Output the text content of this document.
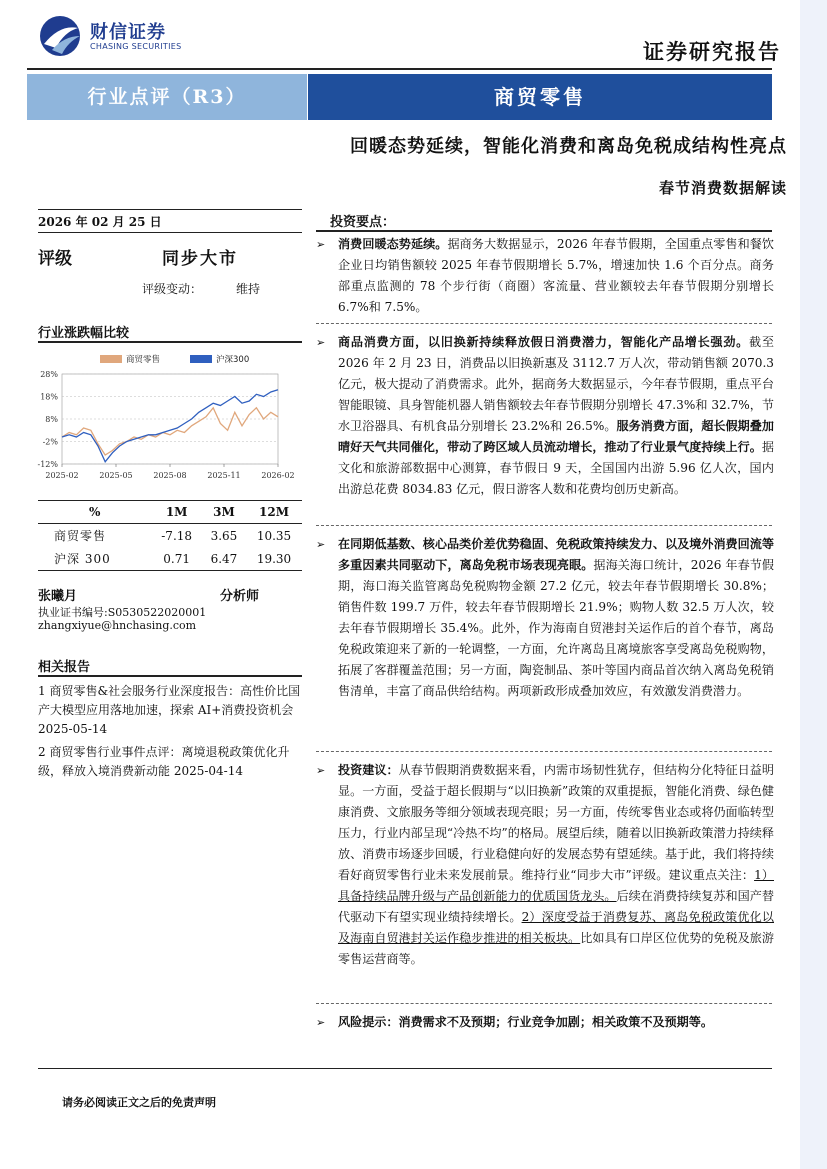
财信证券
CHASING SECURITIES	证券研究报告
行业点评（R3）	商贸零售
回暖态势延续，智能化消费和离岛免税成结构性亮点
春节消费数据解读
2026 年 02 月 25 日
评级	同步大市
评级变动：	维持
行业涨跌幅比较
28%
18%
8%
-2%
-12%
2025-02	2025-05	2025-08	2025-11	2026-02
商贸零售	沪深300
%	1M	3M	12M
商贸零售	-7.18	3.65	10.35
沪深 300	0.71	6.47	19.30
张曦月	分析师
执业证书编号:S0530522020001
zhangxiyue@hnchasing.com
相关报告
1 商贸零售&社会服务行业深度报告：高性价比国产大模型应用落地加速，探索 AI+消费投资机会 2025-05-14
2 商贸零售行业事件点评：离境退税政策优化升级，释放入境消费新动能 2025-04-14
投资要点：
➢	消费回暖态势延续。据商务大数据显示，2026 年春节假期，全国重点零售和餐饮企业日均销售额较 2025 年春节假期增长 5.7%，增速加快 1.6 个百分点。商务部重点监测的 78 个步行街（商圈）客流量、营业额较去年春节假期分别增长 6.7%和 7.5%。
➢	商品消费方面，以旧换新持续释放假日消费潜力，智能化产品增长强劲。截至 2026 年 2 月 23 日，消费品以旧换新惠及 3112.7 万人次，带动销售额 2070.3 亿元，极大提动了消费需求。此外，据商务大数据显示，今年春节假期，重点平台智能眼镜、具身智能机器人销售额较去年春节假期分别增长 47.3%和 32.7%，节水卫浴器具、有机食品分别增长 23.2%和 26.5%。服务消费方面，超长假期叠加晴好天气共同催化，带动了跨区域人员流动增长，推动了行业景气度持续上行。据文化和旅游部数据中心测算，春节假日 9 天，全国国内出游 5.96 亿人次，国内出游总花费 8034.83 亿元，假日游客人数和花费均创历史新高。
➢	在同期低基数、核心品类价差优势稳固、免税政策持续发力、以及境外消费回流等多重因素共同驱动下，离岛免税市场表现亮眼。据海关海口统计，2026 年春节假期，海口海关监管离岛免税购物金额 27.2 亿元，较去年春节假期增长 30.8%；销售件数 199.7 万件，较去年春节假期增长 21.9%；购物人数 32.5 万人次，较去年春节假期增长 35.4%。此外，作为海南自贸港封关运作后的首个春节，离岛免税政策迎来了新的一轮调整，一方面，允许离岛且离境旅客享受离岛免税购物，拓展了客群覆盖范围；另一方面，陶瓷制品、茶叶等国内商品首次纳入离岛免税销售清单，丰富了商品供给结构。两项新政形成叠加效应，有效激发消费潜力。
➢	投资建议：从春节假期消费数据来看，内需市场韧性犹存，但结构分化特征日益明显。一方面，受益于超长假期与“以旧换新”政策的双重提振，智能化消费、绿色健康消费、文旅服务等细分领域表现亮眼；另一方面，传统零售业态或将仍面临转型压力，行业内部呈现“冷热不均”的格局。展望后续，随着以旧换新政策潜力持续释放、消费市场逐步回暖，行业稳健向好的发展态势有望延续。基于此，我们将持续看好商贸零售行业未来发展前景。维持行业“同步大市”评级。建议重点关注：1）具备持续品牌升级与产品创新能力的优质国货龙头。后续在消费持续复苏和国产替代驱动下有望实现业绩持续增长。2）深度受益于消费复苏、离岛免税政策优化以及海南自贸港封关运作稳步推进的相关板块。比如具有口岸区位优势的免税及旅游零售运营商等。
➢	风险提示：消费需求不及预期；行业竞争加剧；相关政策不及预期等。
请务必阅读正文之后的免责声明
